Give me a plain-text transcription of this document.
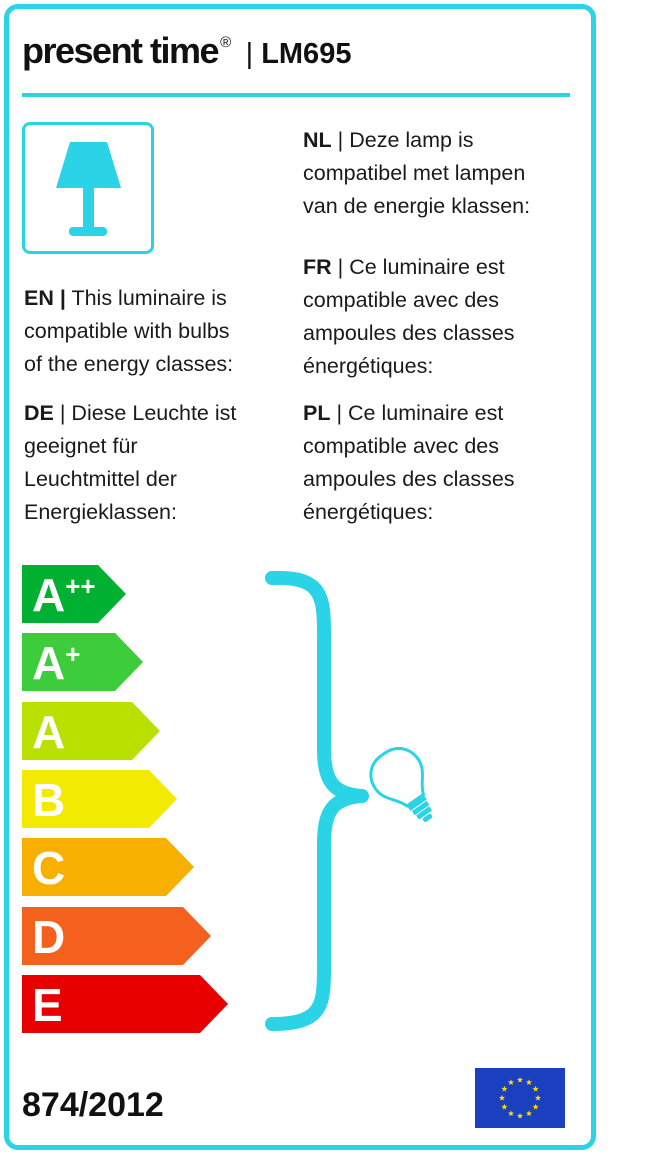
present time ® | LM695

EN | This luminaire is

compatible with bulbs

of the energy classes:

DE | Diese Leuchte ist

geeignet für

Leuchtmittel der

Energieklassen:

NL | Deze lamp is

compatibel met lampen

van de energie klassen:

FR | Ce luminaire est

compatible avec des

ampoules des classes

énergétiques:

PL | Ce luminaire est

compatible avec des

ampoules des classes

énergétiques:

A++
A+
A
B
C
D
E
874/2012
